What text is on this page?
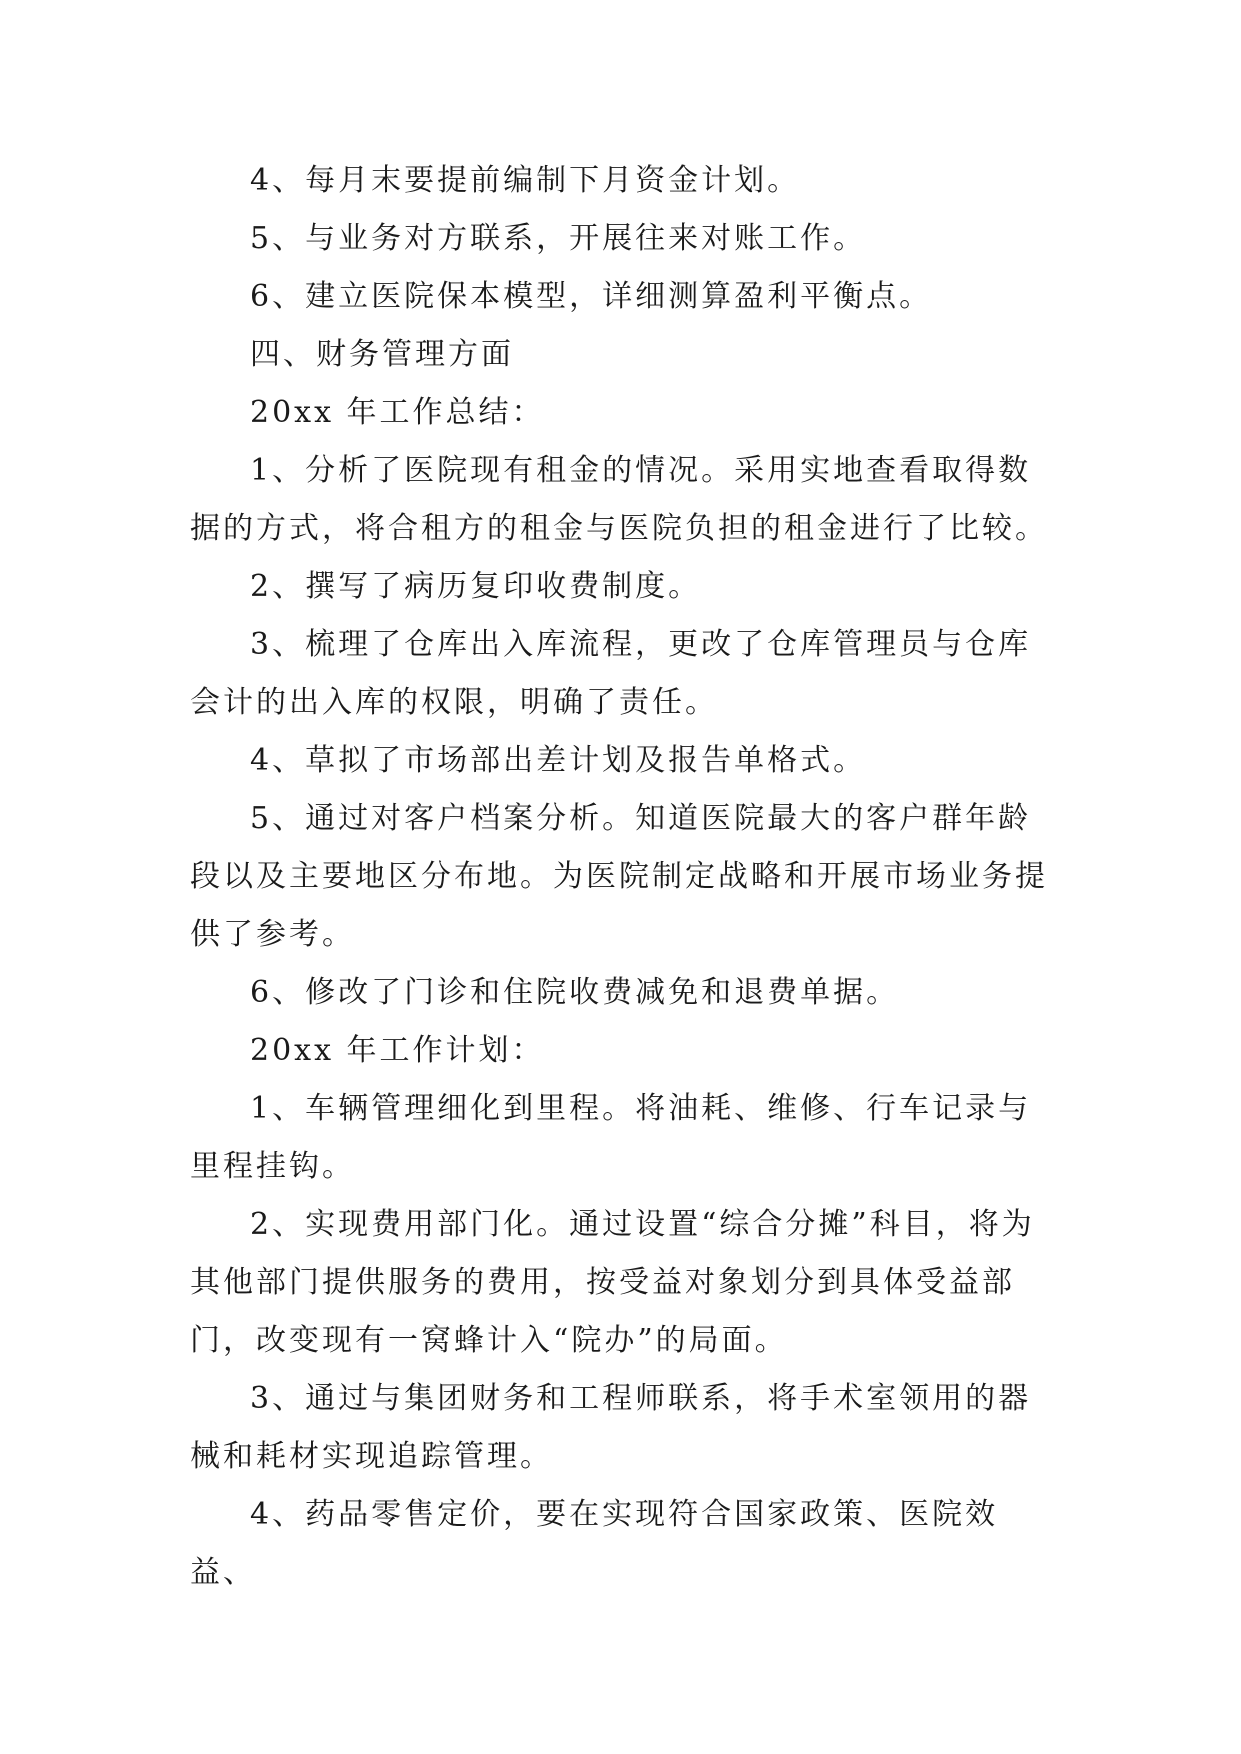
4、每月末要提前编制下月资金计划。

5、与业务对方联系，开展往来对账工作。

6、建立医院保本模型，详细测算盈利平衡点。

四、财务管理方面

20xx 年工作总结：

1、分析了医院现有租金的情况。采用实地查看取得数据的方式，将合租方的租金与医院负担的租金进行了比较。

2、撰写了病历复印收费制度。

3、梳理了仓库出入库流程，更改了仓库管理员与仓库会计的出入库的权限，明确了责任。

4、草拟了市场部出差计划及报告单格式。

5、通过对客户档案分析。知道医院最大的客户群年龄段以及主要地区分布地。为医院制定战略和开展市场业务提供了参考。

6、修改了门诊和住院收费减免和退费单据。

20xx 年工作计划：

1、车辆管理细化到里程。将油耗、维修、行车记录与里程挂钩。

2、实现费用部门化。通过设置“综合分摊”科目，将为其他部门提供服务的费用，按受益对象划分到具体受益部门，改变现有一窝蜂计入“院办”的局面。

3、通过与集团财务和工程师联系，将手术室领用的器械和耗材实现追踪管理。

4、药品零售定价，要在实现符合国家政策、医院效益、
